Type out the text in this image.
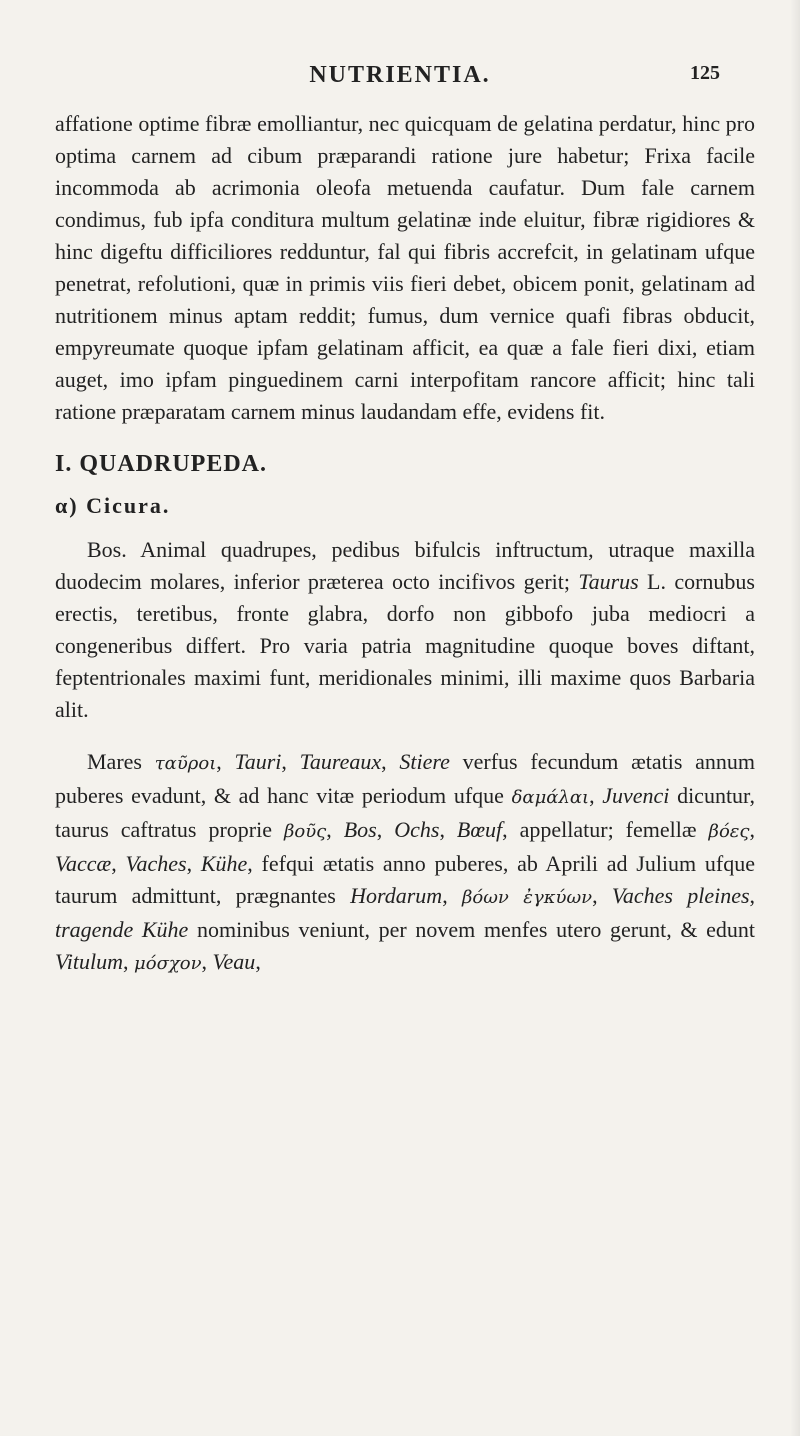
NUTRIENTIA.	125

affatione optime fibræ emolliantur, nec quicquam de gelatina perdatur, hinc pro optima carnem ad cibum præparandi ratione jure habetur; Frixa facile incommoda ab acrimonia oleofa metuenda caufatur. Dum fale carnem condimus, fub ipfa conditura multum gelatinæ inde eluitur, fibræ rigidiores & hinc digeftu difficiliores redduntur, fal qui fibris accrefcit, in gelatinam ufque penetrat, refolutioni, quæ in primis viis fieri debet, obicem ponit, gelatinam ad nutritionem minus aptam reddit; fumus, dum vernice quafi fibras obducit, empyreumate quoque ipfam gelatinam afficit, ea quæ a fale fieri dixi, etiam auget, imo ipfam pinguedinem carni interpofitam rancore afficit; hinc tali ratione præparatam carnem minus laudandam effe, evidens fit.

I. QUADRUPEDA.
α) Cicura.

Bos. Animal quadrupes, pedibus bifulcis inftructum, utraque maxilla duodecim molares, inferior præterea octo incifivos gerit; Taurus L. cornubus erectis, teretibus, fronte glabra, dorfo non gibbofo juba mediocri a congeneribus differt. Pro varia patria magnitudine quoque boves diftant, feptentrionales maximi funt, meridionales minimi, illi maxime quos Barbaria alit.

Mares ταῦροι, Tauri, Taureaux, Stiere verfus fecundum ætatis annum puberes evadunt, & ad hanc vitæ periodum ufque δαμάλαι, Juvenci dicuntur, taurus caftratus proprie βοῦς, Bos, Ochs, Bœuf, appellatur; femellæ βόες, Vaccæ, Vaches, Kühe, fefqui ætatis anno puberes, ab Aprili ad Julium ufque taurum admittunt, prægnantes Hordarum, βόων ἐγκύων, Vaches pleines, tragende Kühe nominibus veniunt, per novem menfes utero gerunt, & edunt Vitulum, μόσχον, Veau,
